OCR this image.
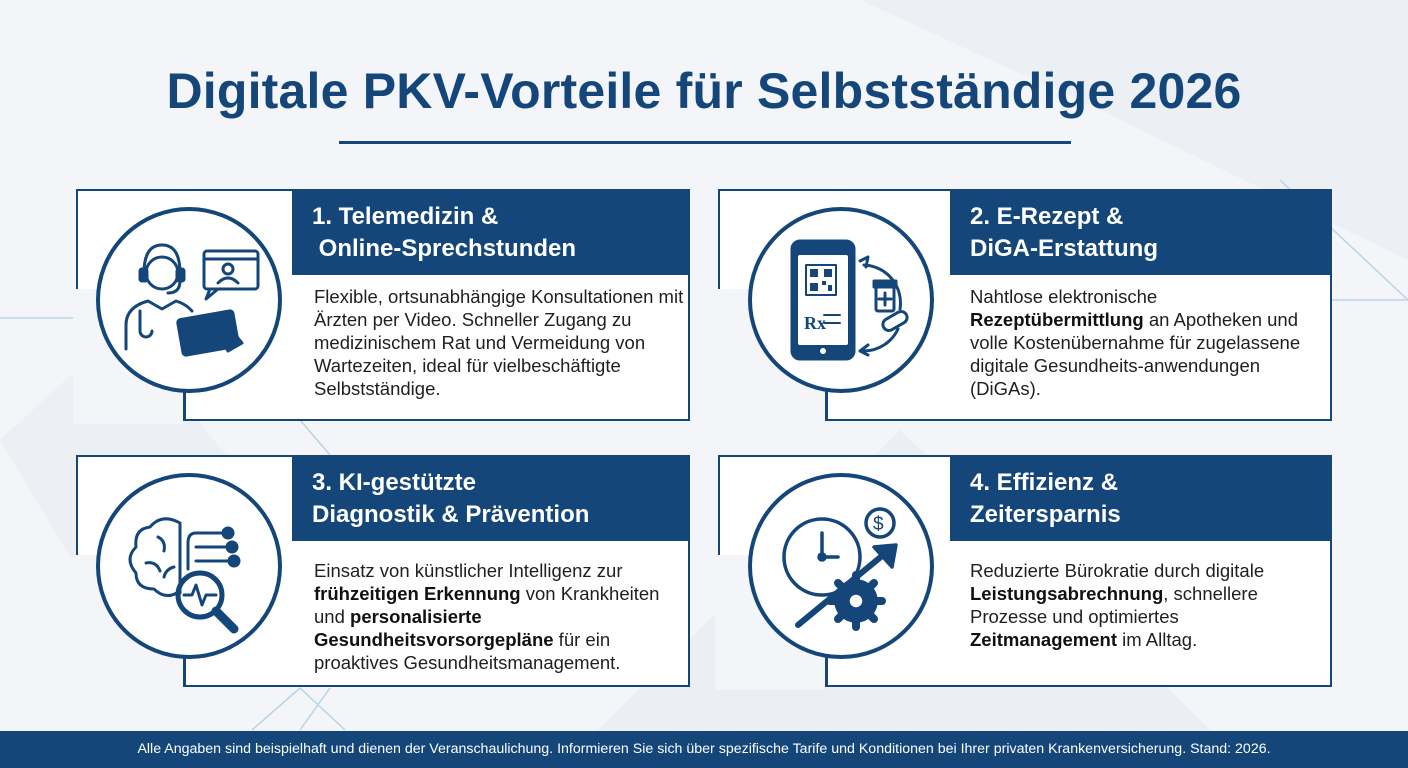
Digitale PKV-Vorteile für Selbstständige 2026
1. Telemedizin &
Online-Sprechstunden
Flexible, ortsunabhängige Konsultationen mit Ärzten per Video. Schneller Zugang zu medizinischem Rat und Vermeidung von Wartezeiten, ideal für vielbeschäftigte Selbstständige.
2. E-Rezept &
DiGA-Erstattung
Rx
Nahtlose elektronische Rezeptübermittlung an Apotheken und volle Kostenübernahme für zugelassene digitale Gesundheits-anwendungen (DiGAs).
3. KI-gestützte
Diagnostik & Prävention
Einsatz von künstlicher Intelligenz zur frühzeitigen Erkennung von Krankheiten und personalisierte Gesundheitsvorsorgepläne für ein proaktives Gesundheitsmanagement.
4. Effizienz &
Zeitersparnis
$
Reduzierte Bürokratie durch digitale Leistungsabrechnung, schnellere Prozesse und optimiertes Zeitmanagement im Alltag.
Alle Angaben sind beispielhaft und dienen der Veranschaulichung. Informieren Sie sich über spezifische Tarife und Konditionen bei Ihrer privaten Krankenversicherung. Stand: 2026.
